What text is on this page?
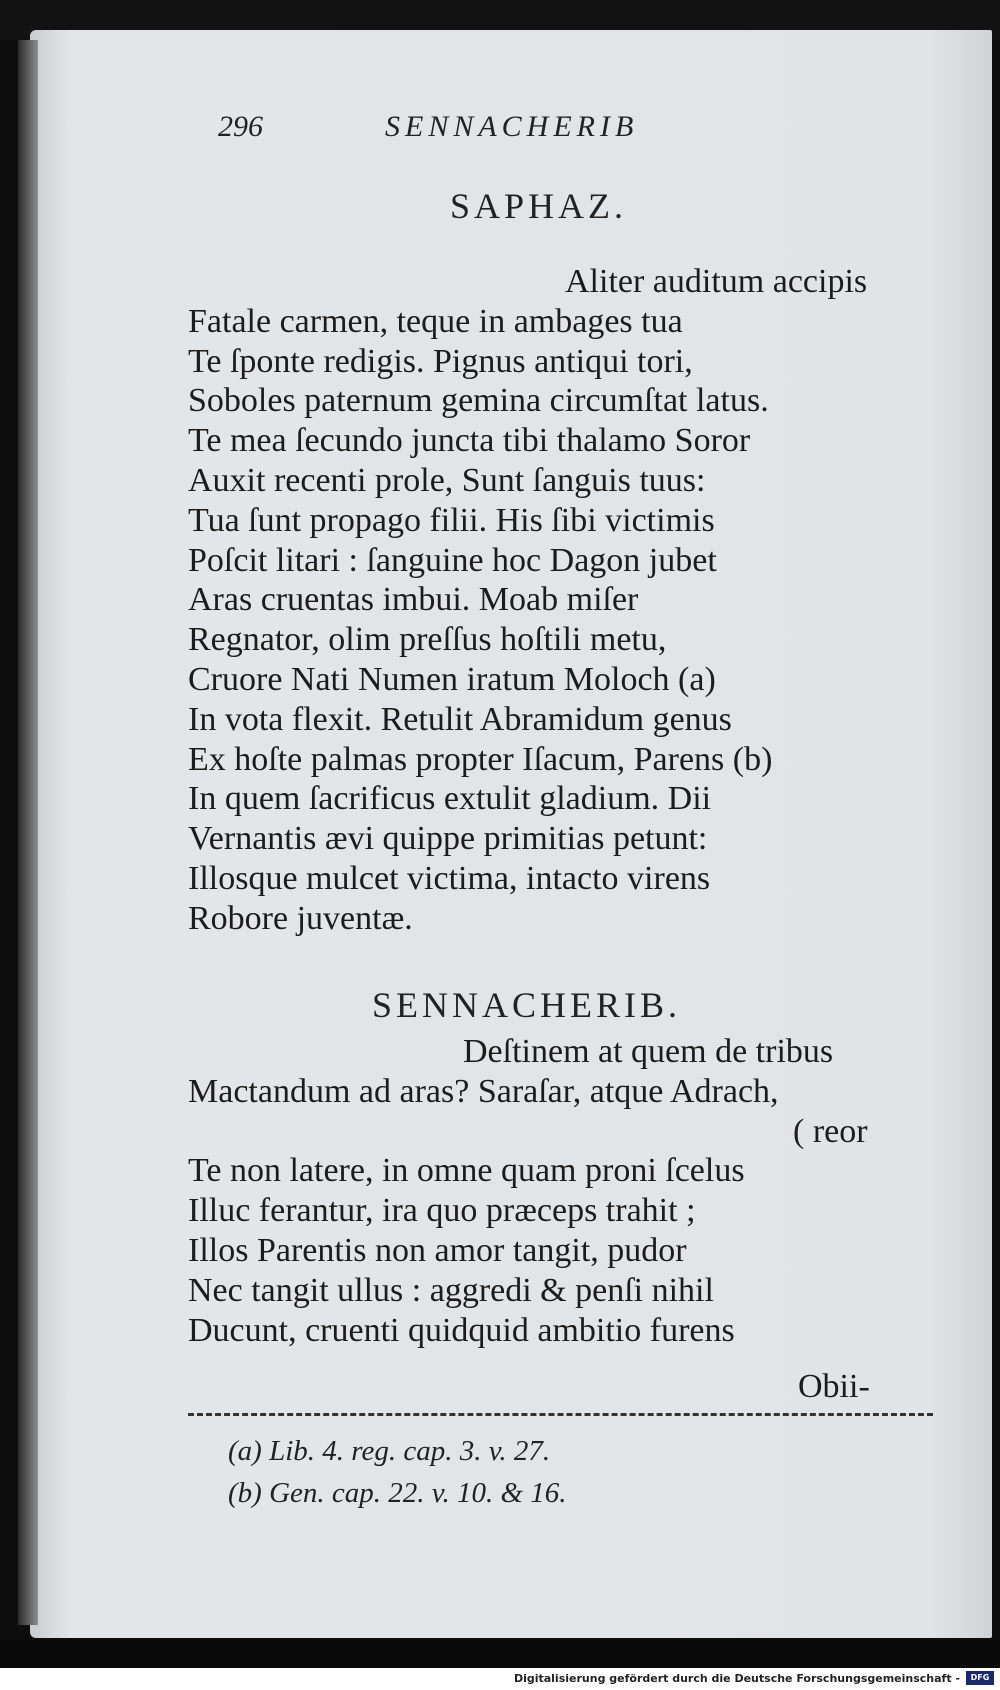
296	SENNACHERIB
SAPHAZ.
Aliter auditum accipis
Fatale carmen, teque in ambages tua
Te ſponte redigis. Pignus antiqui tori,
Soboles paternum gemina circumſtat latus.
Te mea ſecundo juncta tibi thalamo Soror
Auxit recenti prole, Sunt ſanguis tuus:
Tua ſunt propago filii. His ſibi victimis
Poſcit litari : ſanguine hoc Dagon jubet
Aras cruentas imbui. Moab miſer
Regnator, olim preſſus hoſtili metu,
Cruore Nati Numen iratum Moloch (a)
In vota flexit. Retulit Abramidum genus
Ex hoſte palmas propter Iſacum, Parens (b)
In quem ſacrificus extulit gladium. Dii
Vernantis ævi quippe primitias petunt:
Illosque mulcet victima, intacto virens
Robore juventæ.
SENNACHERIB.
Deſtinem at quem de tribus
Mactandum ad aras? Saraſar, atque Adrach,
( reor
Te non latere, in omne quam proni ſcelus
Illuc ferantur, ira quo præceps trahit ;
Illos Parentis non amor tangit, pudor
Nec tangit ullus : aggredi & penſi nihil
Ducunt, cruenti quidquid ambitio furens
Obii-
(a) Lib. 4. reg. cap. 3. v. 27.
(b) Gen. cap. 22. v. 10. & 16.
Digitalisierung gefördert durch die Deutsche Forschungsgemeinschaft -	DFG
